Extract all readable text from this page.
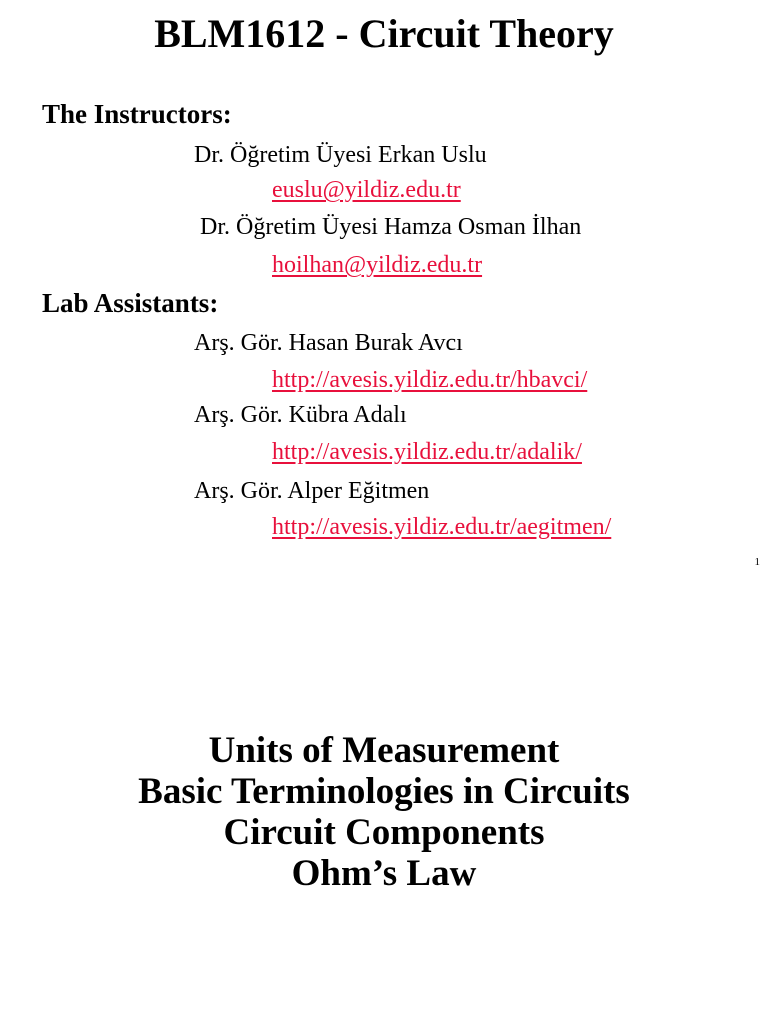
BLM1612 - Circuit Theory
The Instructors:
Dr. Öğretim Üyesi Erkan Uslu
euslu@yildiz.edu.tr
Dr. Öğretim Üyesi Hamza Osman İlhan
hoilhan@yildiz.edu.tr
Lab Assistants:
Arş. Gör. Hasan Burak Avcı
http://avesis.yildiz.edu.tr/hbavci/
Arş. Gör. Kübra Adalı
http://avesis.yildiz.edu.tr/adalik/
Arş. Gör. Alper Eğitmen
http://avesis.yildiz.edu.tr/aegitmen/
1

Units of Measurement

Basic Terminologies in Circuits

Circuit Components

Ohm’s Law
